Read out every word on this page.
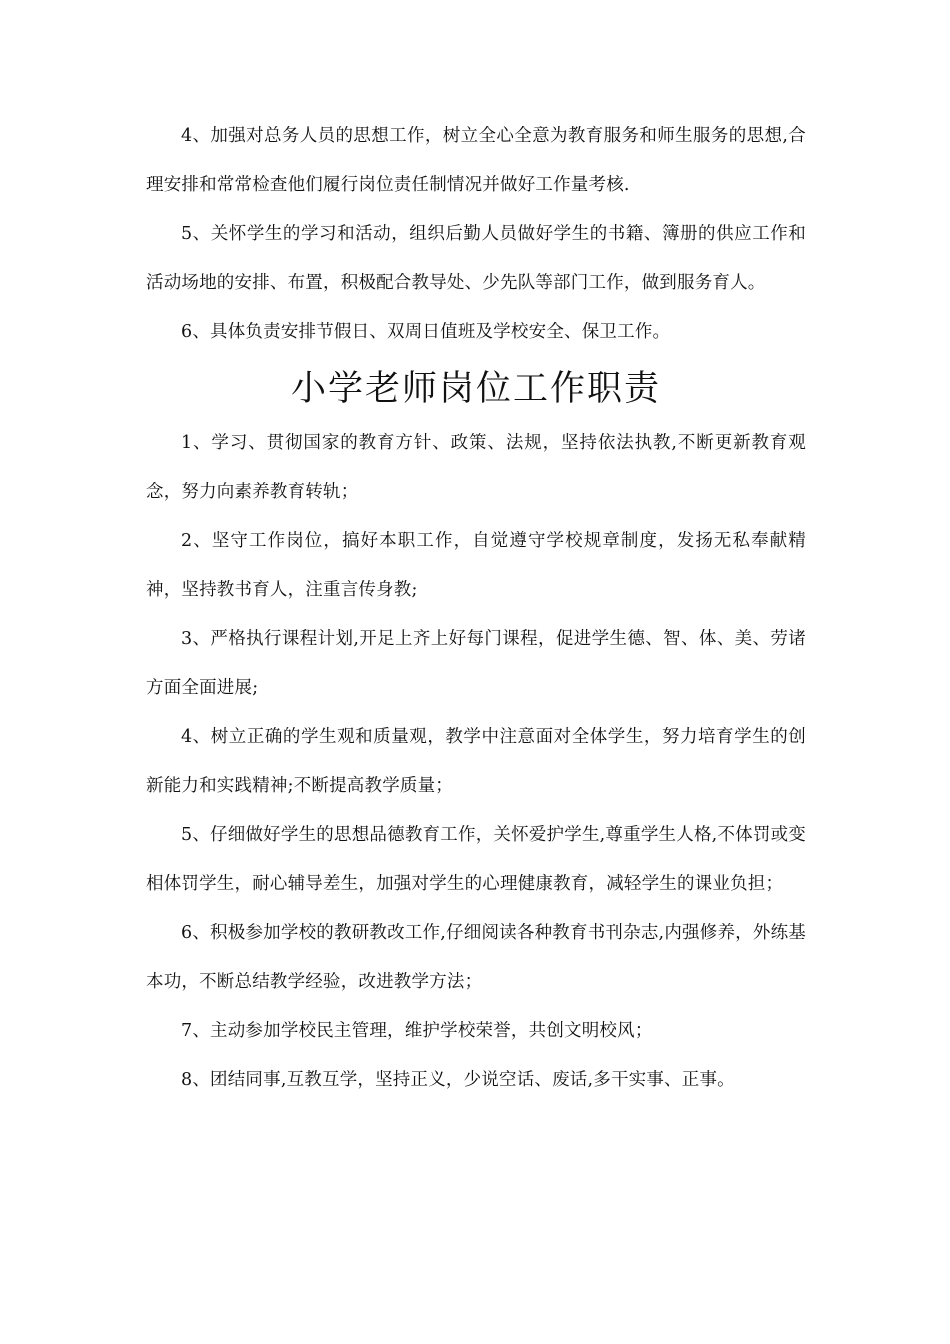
4、加强对总务人员的思想工作，树立全心全意为教育服务和师生服务的思想,合理安排和常常检查他们履行岗位责任制情况并做好工作量考核.

5、关怀学生的学习和活动，组织后勤人员做好学生的书籍、簿册的供应工作和活动场地的安排、布置，积极配合教导处、少先队等部门工作，做到服务育人。

6、具体负责安排节假日、双周日值班及学校安全、保卫工作。

小学老师岗位工作职责

1、学习、贯彻国家的教育方针、政策、法规，坚持依法执教,不断更新教育观念，努力向素养教育转轨；

2、坚守工作岗位，搞好本职工作，自觉遵守学校规章制度，发扬无私奉献精神，坚持教书育人，注重言传身教;

3、严格执行课程计划,开足上齐上好每门课程，促进学生德、智、体、美、劳诸方面全面进展;

4、树立正确的学生观和质量观，教学中注意面对全体学生，努力培育学生的创新能力和实践精神;不断提高教学质量；

5、仔细做好学生的思想品德教育工作，关怀爱护学生,尊重学生人格,不体罚或变相体罚学生，耐心辅导差生，加强对学生的心理健康教育，减轻学生的课业负担；

6、积极参加学校的教研教改工作,仔细阅读各种教育书刊杂志,内强修养，外练基本功，不断总结教学经验，改进教学方法；

7、主动参加学校民主管理，维护学校荣誉，共创文明校风；

8、团结同事,互教互学，坚持正义，少说空话、废话,多干实事、正事。
